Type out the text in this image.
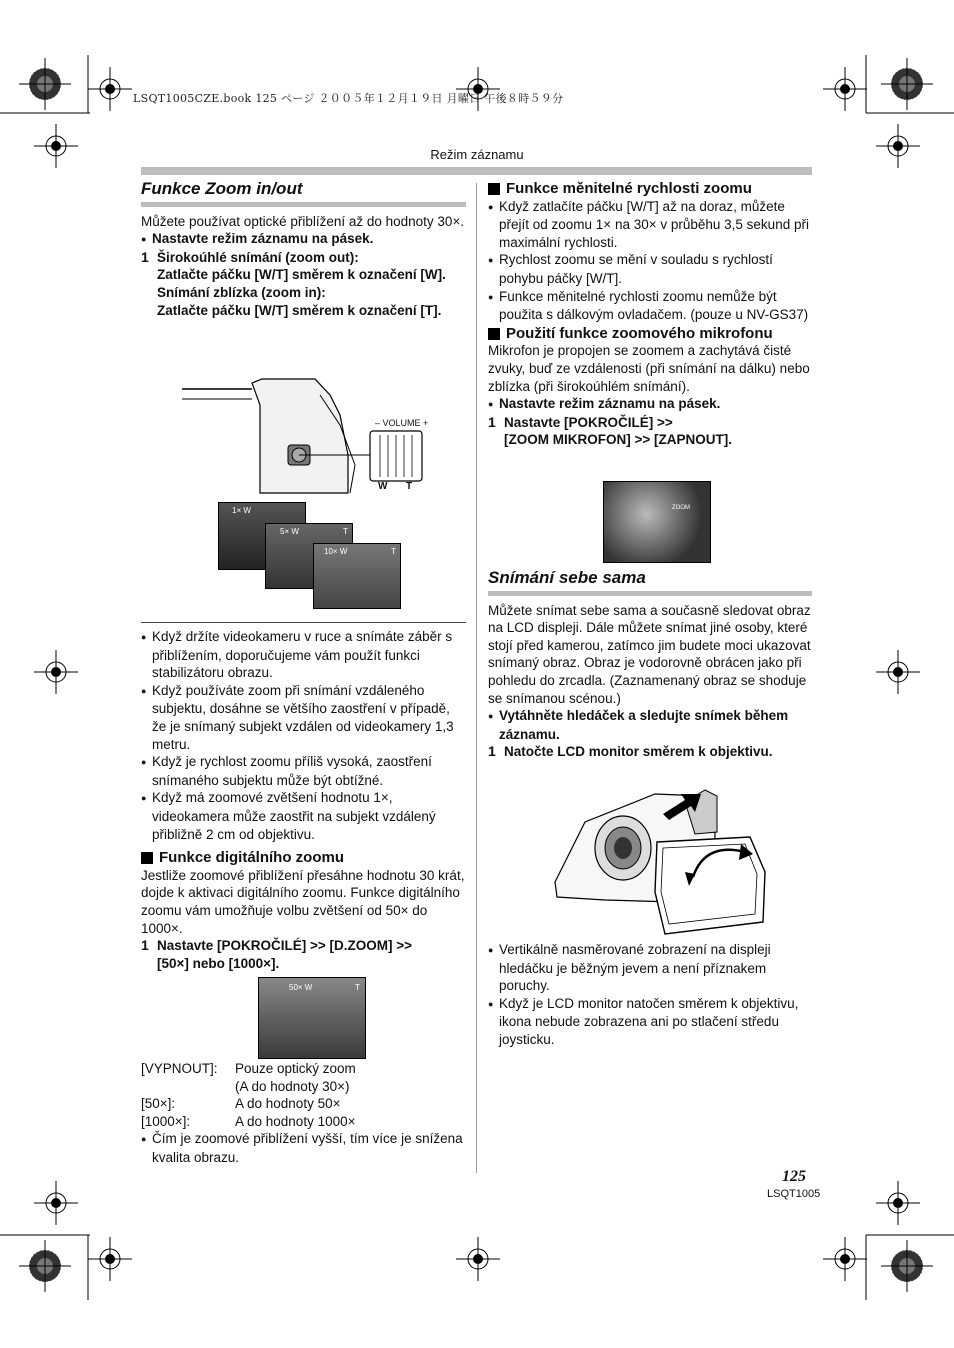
LSQT1005CZE.book 125 ページ ２００５年１２月１９日 月曜日 午後８時５９分
Režim záznamu

Funkce Zoom in/out

Můžete používat optické přiblížení až do hodnoty 30×.

● Nastavte režim záznamu na pásek.

1 Širokoúhlé snímání (zoom out):

Zatlačte páčku [W/T] směrem k označení [W].

Snímání zblízka (zoom in):

Zatlačte páčku [W/T] směrem k označení [T].

– VOLUME +
W T
1× W
5× W	T
10× W	T

● Když držíte videokameru v ruce a snímáte záběr s přiblížením, doporučujeme vám použít funkci stabilizátoru obrazu.

● Když používáte zoom při snímání vzdáleného subjektu, dosáhne se většího zaostření v případě, že je snímaný subjekt vzdálen od videokamery 1,3 metru.

● Když je rychlost zoomu příliš vysoká, zaostření snímaného subjektu může být obtížné.

● Když má zoomové zvětšení hodnotu 1×, videokamera může zaostřit na subjekt vzdálený přibližně 2 cm od objektivu.

Funkce digitálního zoomu

Jestliže zoomové přiblížení přesáhne hodnotu 30 krát, dojde k aktivaci digitálního zoomu. Funkce digitálního zoomu vám umožňuje volbu zvětšení od 50× do 1000×.

1 Nastavte [POKROČILÉ] >> [D.ZOOM] >>

[50×] nebo [1000×].

50× W	T
[VYPNOUT]:	Pouze optický zoom
(A do hodnoty 30×)
[50×]:	A do hodnoty 50×
[1000×]:	A do hodnoty 1000×

● Čím je zoomové přiblížení vyšší, tím více je snížena kvalita obrazu.

Funkce měnitelné rychlosti zoomu

● Když zatlačíte páčku [W/T] až na doraz, můžete přejít od zoomu 1× na 30× v průběhu 3,5 sekund při maximální rychlosti.

● Rychlost zoomu se mění v souladu s rychlostí pohybu páčky [W/T].

● Funkce měnitelné rychlosti zoomu nemůže být použita s dálkovým ovladačem. (pouze u NV-GS37)

Použití funkce zoomového mikrofonu

Mikrofon je propojen se zoomem a zachytává čisté zvuky, buď ze vzdálenosti (při snímání na dálku) nebo zblízka (při širokoúhlém snímání).

● Nastavte režim záznamu na pásek.

1 Nastavte [POKROČILÉ] >>

[ZOOM MIKROFON] >> [ZAPNOUT].

ZOOM

Snímání sebe sama

Můžete snímat sebe sama a současně sledovat obraz na LCD displeji. Dále můžete snímat jiné osoby, které stojí před kamerou, zatímco jim budete moci ukazovat snímaný obraz. Obraz je vodorovně obrácen jako při pohledu do zrcadla. (Zaznamenaný obraz se shoduje se snímanou scénou.)

● Vytáhněte hledáček a sledujte snímek během záznamu.

1 Natočte LCD monitor směrem k objektivu.

● Vertikálně nasměrované zobrazení na displeji hledáčku je běžným jevem a není příznakem poruchy.

● Když je LCD monitor natočen směrem k objektivu, ikona nebude zobrazena ani po stlačení středu joysticku.

125
LSQT1005
